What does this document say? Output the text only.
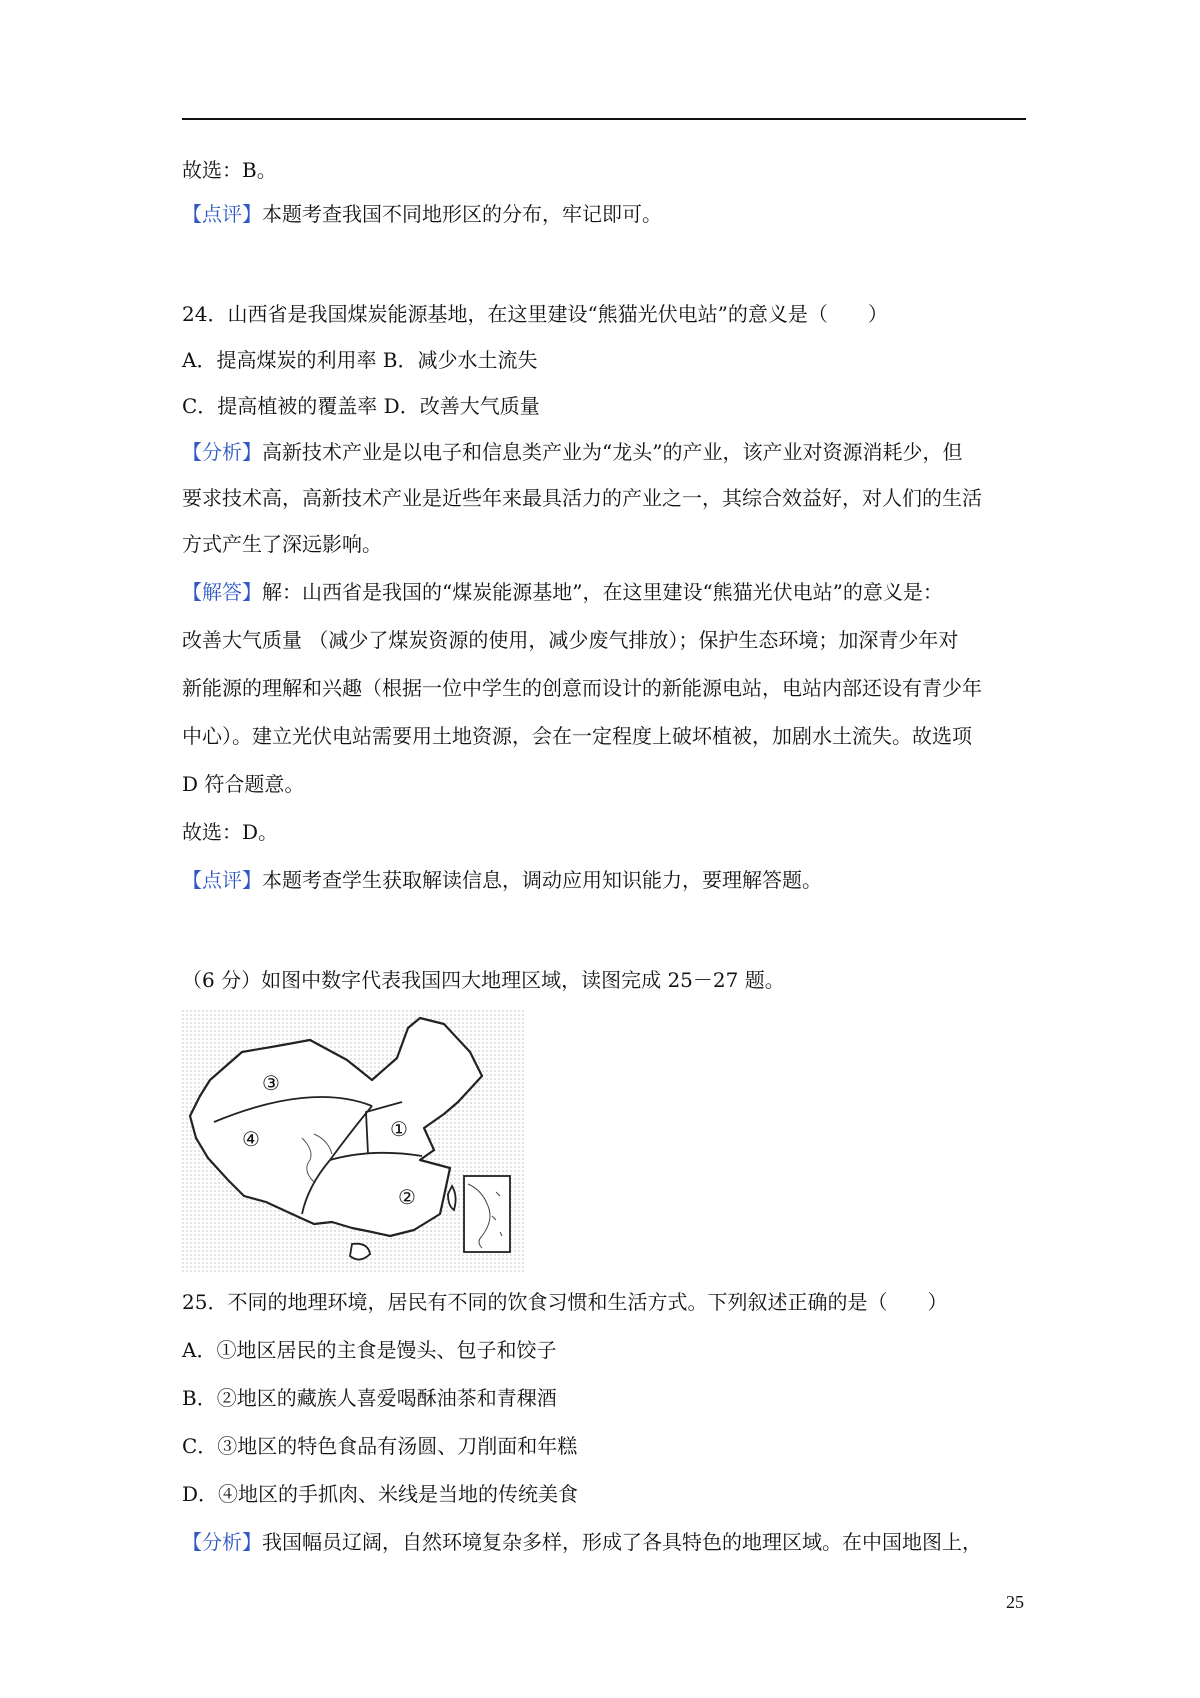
故选：B。
【点评】本题考查我国不同地形区的分布，牢记即可。
24．山西省是我国煤炭能源基地，在这里建设“熊猫光伏电站”的意义是（　　）
A．提高煤炭的利用率 B．减少水土流失
C．提高植被的覆盖率 D．改善大气质量
【分析】高新技术产业是以电子和信息类产业为“龙头”的产业，该产业对资源消耗少，但
要求技术高，高新技术产业是近些年来最具活力的产业之一，其综合效益好，对人们的生活
方式产生了深远影响。
【解答】解：山西省是我国的“煤炭能源基地”，在这里建设“熊猫光伏电站”的意义是：
改善大气质量 （减少了煤炭资源的使用，减少废气排放）；保护生态环境；加深青少年对
新能源的理解和兴趣（根据一位中学生的创意而设计的新能源电站，电站内部还设有青少年
中心）。建立光伏电站需要用土地资源，会在一定程度上破坏植被，加剧水土流失。故选项
D 符合题意。
故选：D。
【点评】本题考查学生获取解读信息，调动应用知识能力，要理解答题。
（6 分）如图中数字代表我国四大地理区域，读图完成 25－27 题。
①
②
③
④
25．不同的地理环境，居民有不同的饮食习惯和生活方式。下列叙述正确的是（　　）
A．①地区居民的主食是馒头、包子和饺子
B．②地区的藏族人喜爱喝酥油茶和青稞酒
C．③地区的特色食品有汤圆、刀削面和年糕
D．④地区的手抓肉、米线是当地的传统美食
【分析】我国幅员辽阔，自然环境复杂多样，形成了各具特色的地理区域。在中国地图上，
25
